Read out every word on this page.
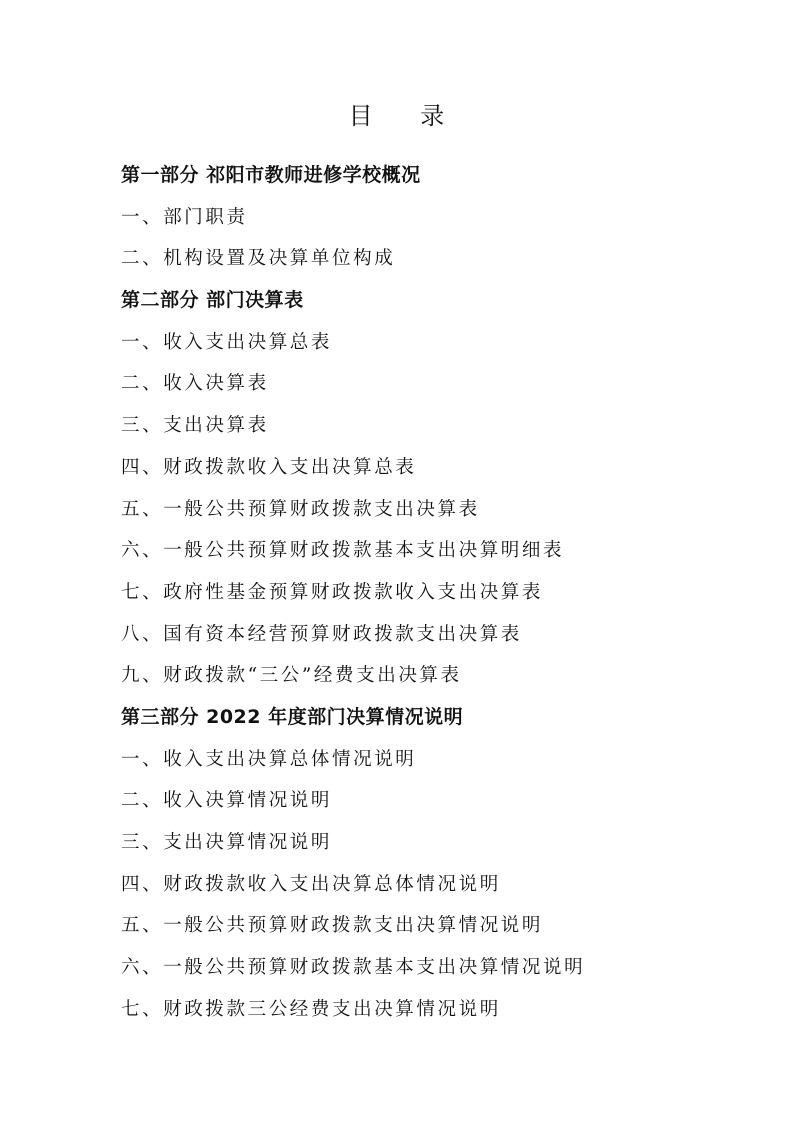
目 录
第一部分 祁阳市教师进修学校概况
一、部门职责
二、机构设置及决算单位构成
第二部分 部门决算表
一、收入支出决算总表
二、收入决算表
三、支出决算表
四、财政拨款收入支出决算总表
五、一般公共预算财政拨款支出决算表
六、一般公共预算财政拨款基本支出决算明细表
七、政府性基金预算财政拨款收入支出决算表
八、国有资本经营预算财政拨款支出决算表
九、财政拨款“三公”经费支出决算表
第三部分 2022 年度部门决算情况说明
一、收入支出决算总体情况说明
二、收入决算情况说明
三、支出决算情况说明
四、财政拨款收入支出决算总体情况说明
五、一般公共预算财政拨款支出决算情况说明
六、一般公共预算财政拨款基本支出决算情况说明
七、财政拨款三公经费支出决算情况说明
